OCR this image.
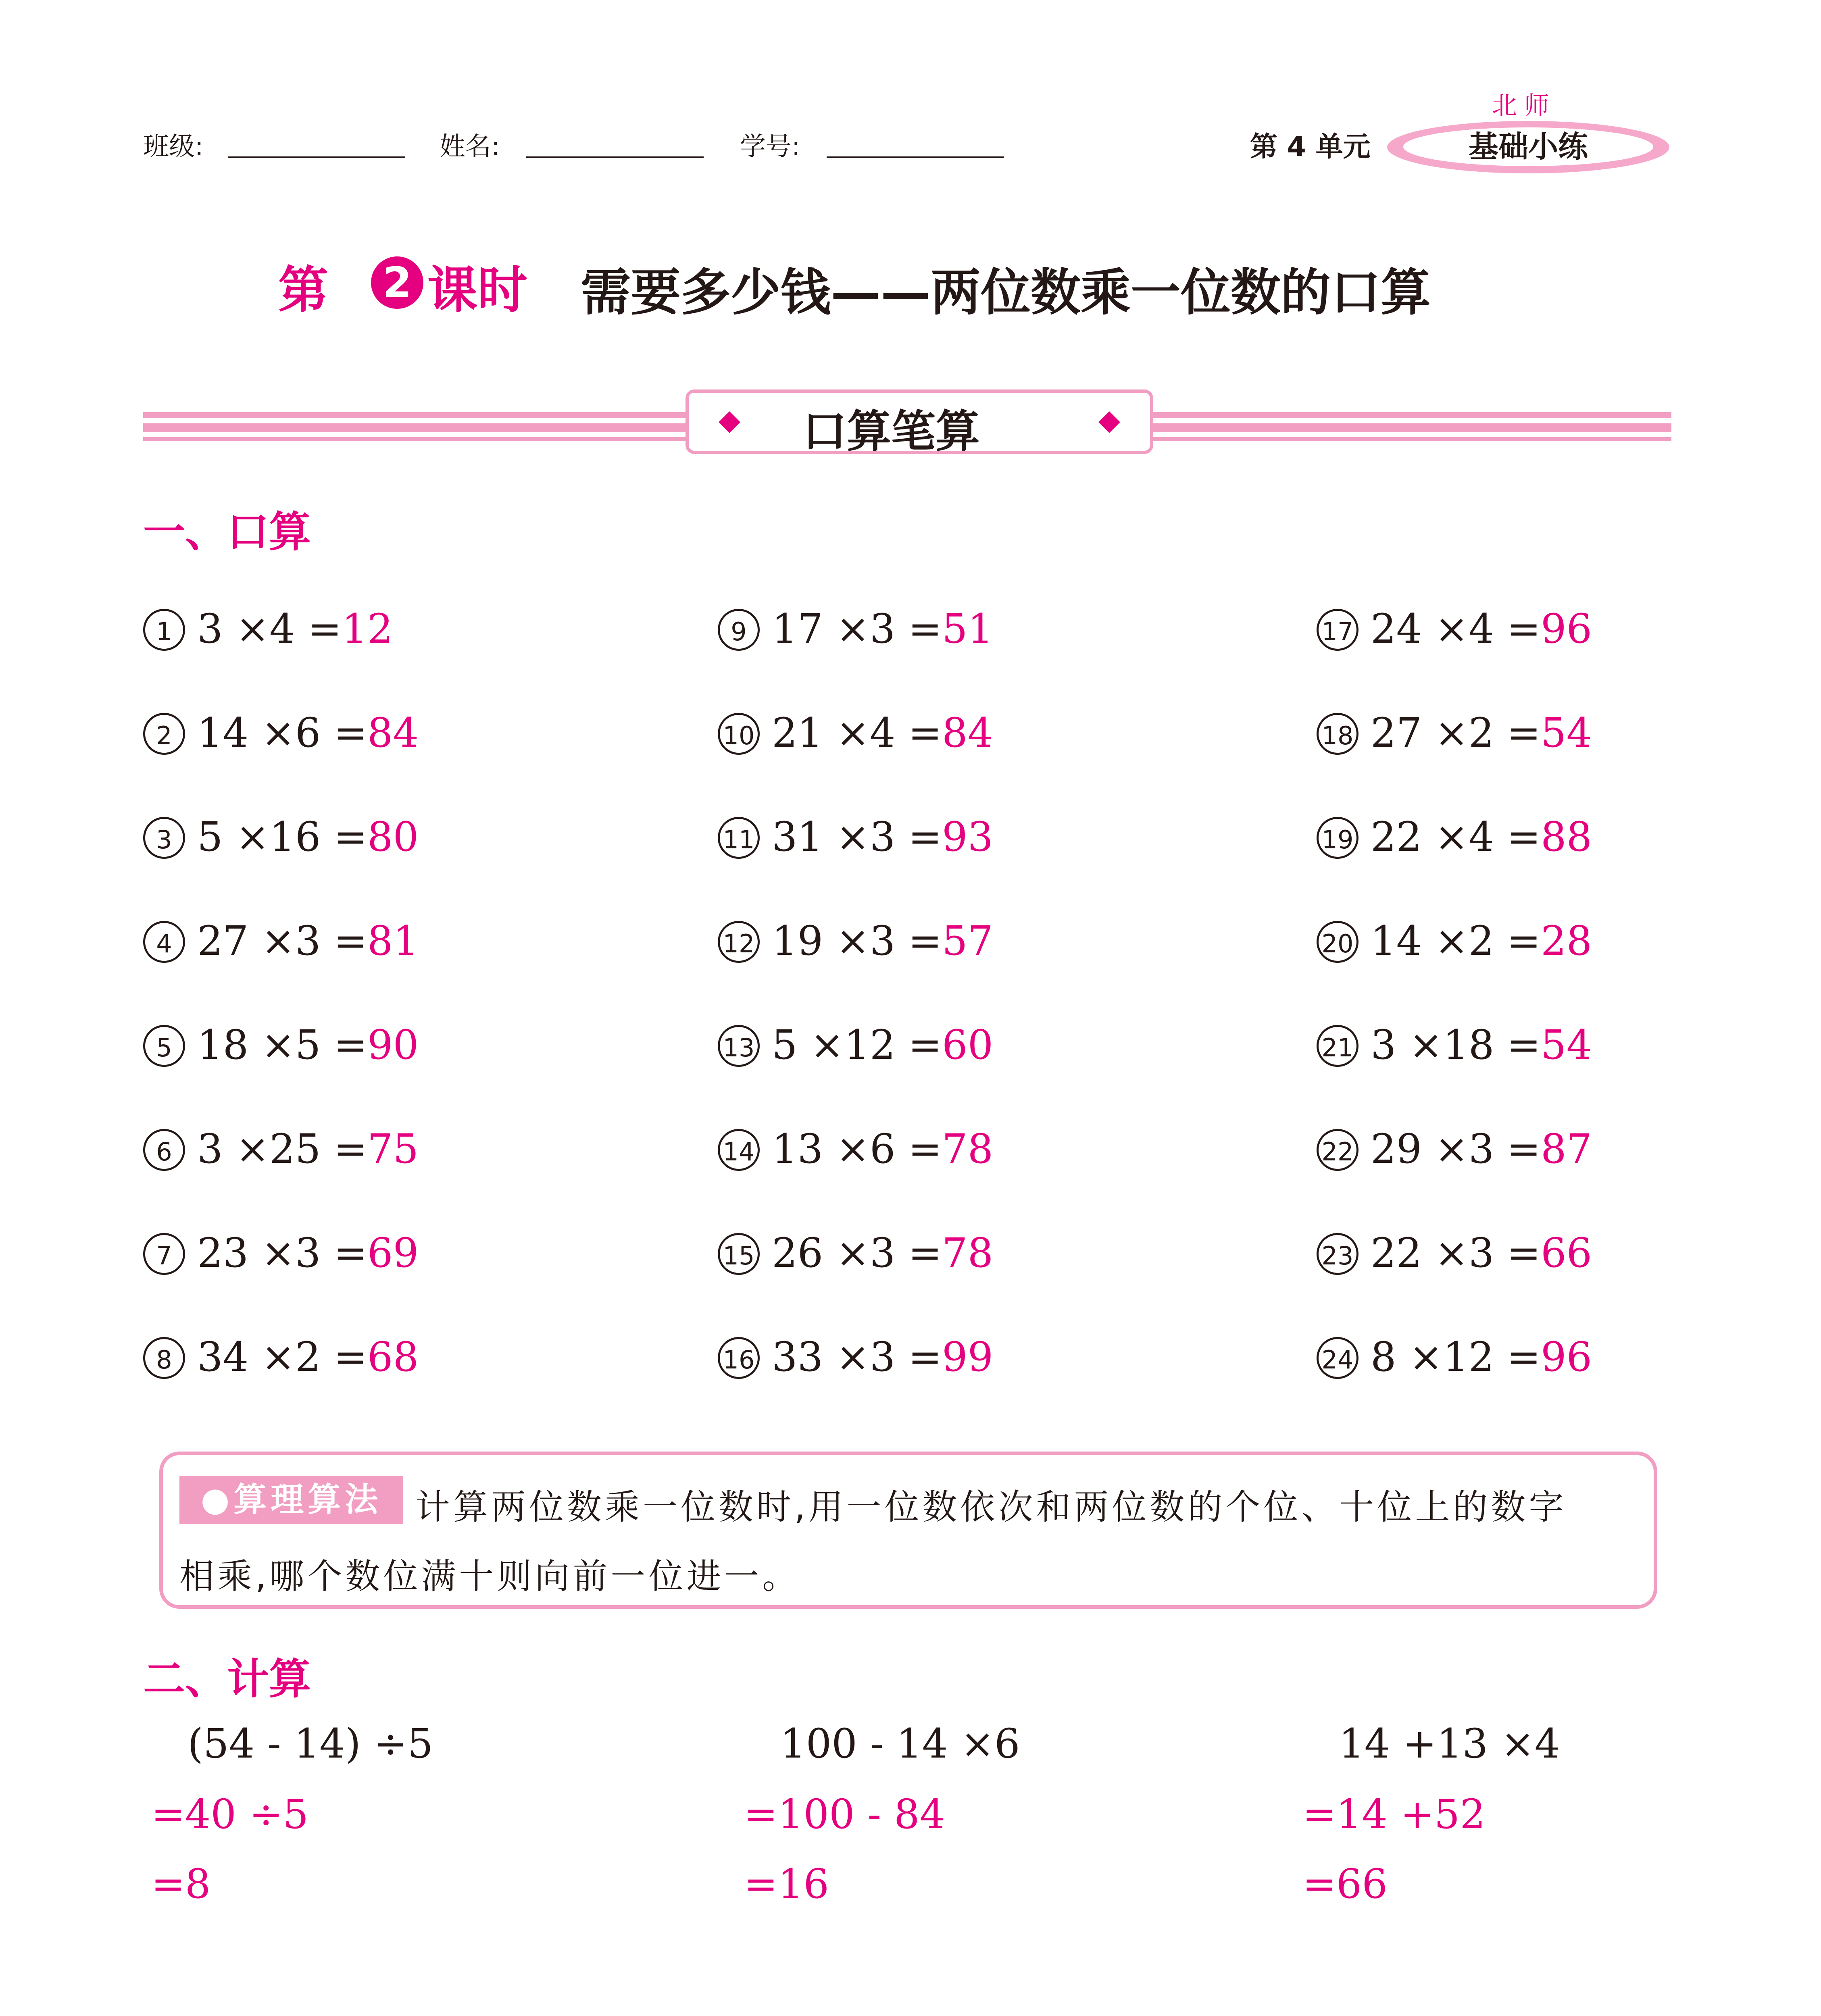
班级:	姓名:	学号:	第 4 单元
北师
基础小练
第 2 课时 需要多少钱——两位数乘一位数的口算
口算笔算
一、口算
1 3 ×4 =12
2 14 ×6 =84
3 5 ×16 =80
4 27 ×3 =81
5 18 ×5 =90
6 3 ×25 =75
7 23 ×3 =69
8 34 ×2 =68
9 17 ×3 =51
10 21 ×4 =84
11 31 ×3 =93
12 19 ×3 =57
13 5 ×12 =60
14 13 ×6 =78
15 26 ×3 =78
16 33 ×3 =99
17 24 ×4 =96
18 27 ×2 =54
19 22 ×4 =88
20 14 ×2 =28
21 3 ×18 =54
22 29 ×3 =87
23 22 ×3 =66
24 8 ×12 =96
●算理算法 计算两位数乘一位数时,用一位数依次和两位数的个位、十位上的数字
相乘,哪个数位满十则向前一位进一。
二、计算
(54 - 14) ÷5
=40 ÷5
=8
100 - 14 ×6
=100 - 84
=16
14 +13 ×4
=14 +52
=66
